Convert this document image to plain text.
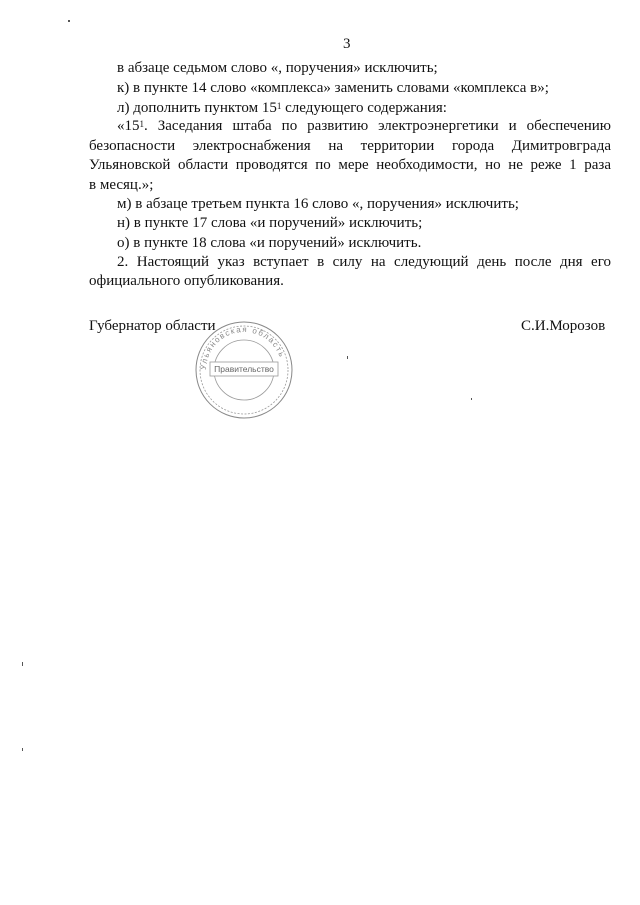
3
в абзаце седьмом слово «, поручения» исключить;
к) в пункте 14 слово «комплекса» заменить словами «комплекса в»;
л) дополнить пунктом $15^1$ следующего содержания:
«$15^1$. Заседания штаба по развитию электроэнергетики и обеспечению
безопасности электроснабжения на территории города Димитровграда
Ульяновской области проводятся по мере необходимости, но не реже 1 раза
в месяц.»;
м) в абзаце третьем пункта 16 слово «, поручения» исключить;
н) в пункте 17 слова «и поручений» исключить;
о) в пункте 18 слова «и поручений» исключить.
2. Настоящий указ вступает в силу на следующий день после дня его
официального опубликования.
Губернатор области	С.И.Морозов
Ульяновская область
Правительство
